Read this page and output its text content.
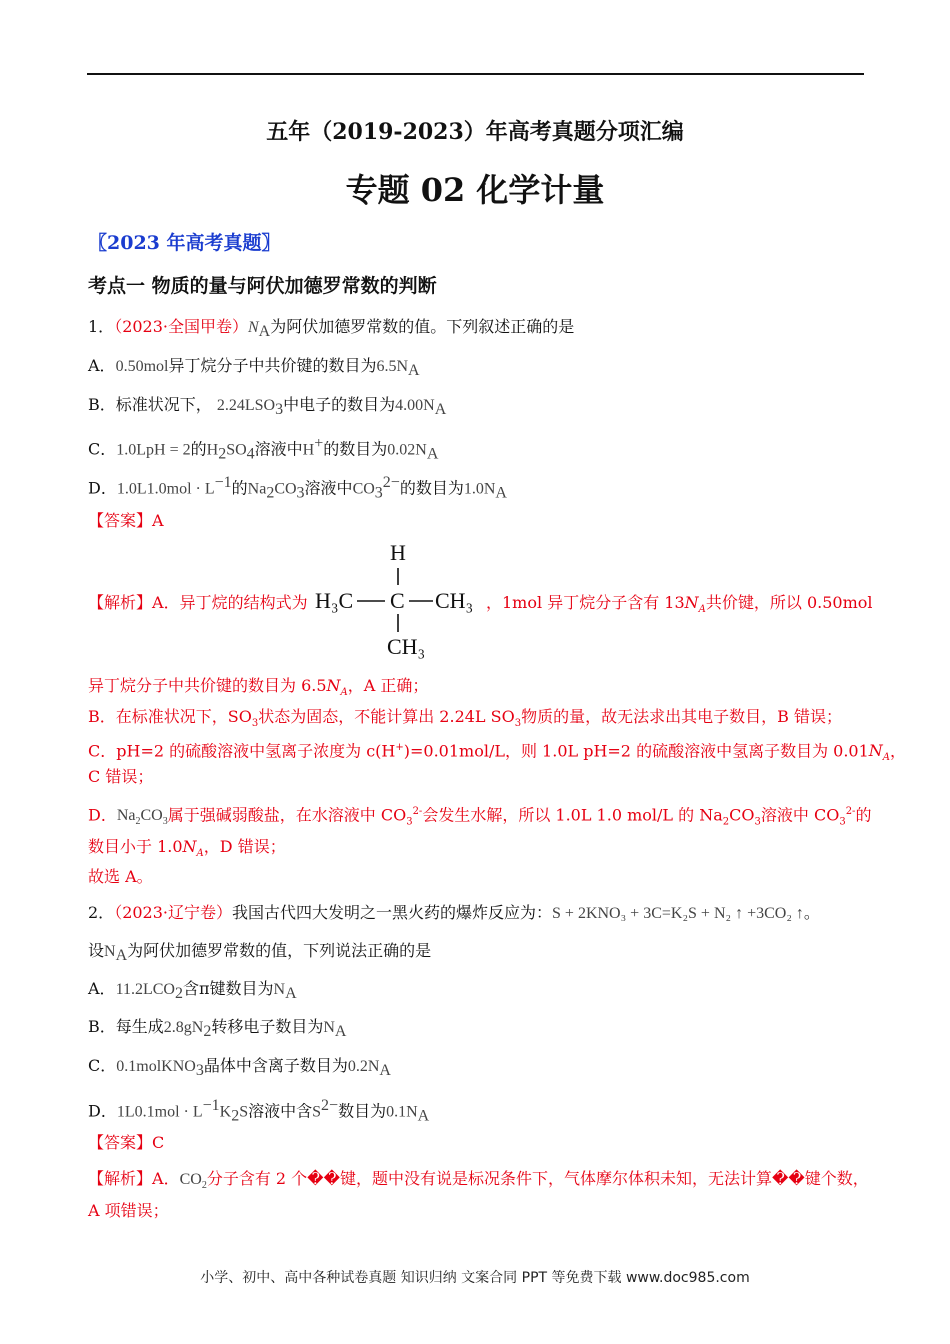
五年（2019-2023）年高考真题分项汇编
专题 02 化学计量
〖2023 年高考真题〗
考点一 物质的量与阿伏加德罗常数的判断
1．（2023·全国甲卷）$N_A$为阿伏加德罗常数的值。下列叙述正确的是
A．0.50mol异丁烷分子中共价键的数目为$6.5N_A$
B．标准状况下， $2.24LSO_3$中电子的数目为$4.00N_A$
C．1.0LpH = 2的$H_2SO_4$溶液中H+的数目为$0.02N_A$
D．$1.0L1.0mol \cdot L^{-1}$的$Na_2CO_3$溶液中$CO_3^{2-}$的数目为$1.0N_A$
【答案】A
H
H₃C C CH₃
CH₃
【解析】A．异丁烷的结构式为	，1mol 异丁烷分子含有 $13N_A$共价键，所以 0.50mol
异丁烷分子中共价键的数目为 $6.5N_A$，A 正确；
B．在标准状况下，$SO_3$状态为固态，不能计算出 2.24L $SO_3$物质的量，故无法求出其电子数目，B 错误；
C．pH=2 的硫酸溶液中氢离子浓度为 c(H+)=0.01mol/L，则 1.0L pH=2 的硫酸溶液中氢离子数目为 $0.01N_A$，
C 错误；
D．$Na_2CO_3$属于强碱弱酸盐，在水溶液中 $CO_3^{2-}$会发生水解，所以 1.0L 1.0 mol/L 的 $Na_2CO_3$溶液中 $CO_3^{2-}$的
数目小于 $1.0N_A$，D 错误；
故选 A。
2．（2023·辽宁卷）我国古代四大发明之一黑火药的爆炸反应为：S + 2KNO₃ + 3C=K₂S + N₂ ↑ +3CO₂ ↑。
设$N_A$为阿伏加德罗常数的值，下列说法正确的是
A．$11.2LCO_2$含π键数目为$N_A$
B．每生成$2.8gN_2$转移电子数目为$N_A$
C．0.1molKNO$_3$晶体中含离子数目为$0.2N_A$
D．$1L0.1mol \cdot L^{-1}K_2S$溶液中含$S^{2-}$数目为$0.1N_A$
【答案】C
【解析】A．$CO_2$分子含有 2 个��键，题中没有说是标况条件下，气体摩尔体积未知，无法计算��键个数，
A 项错误；
小学、初中、高中各种试卷真题 知识归纳 文案合同 PPT 等免费下载 www.doc985.com
